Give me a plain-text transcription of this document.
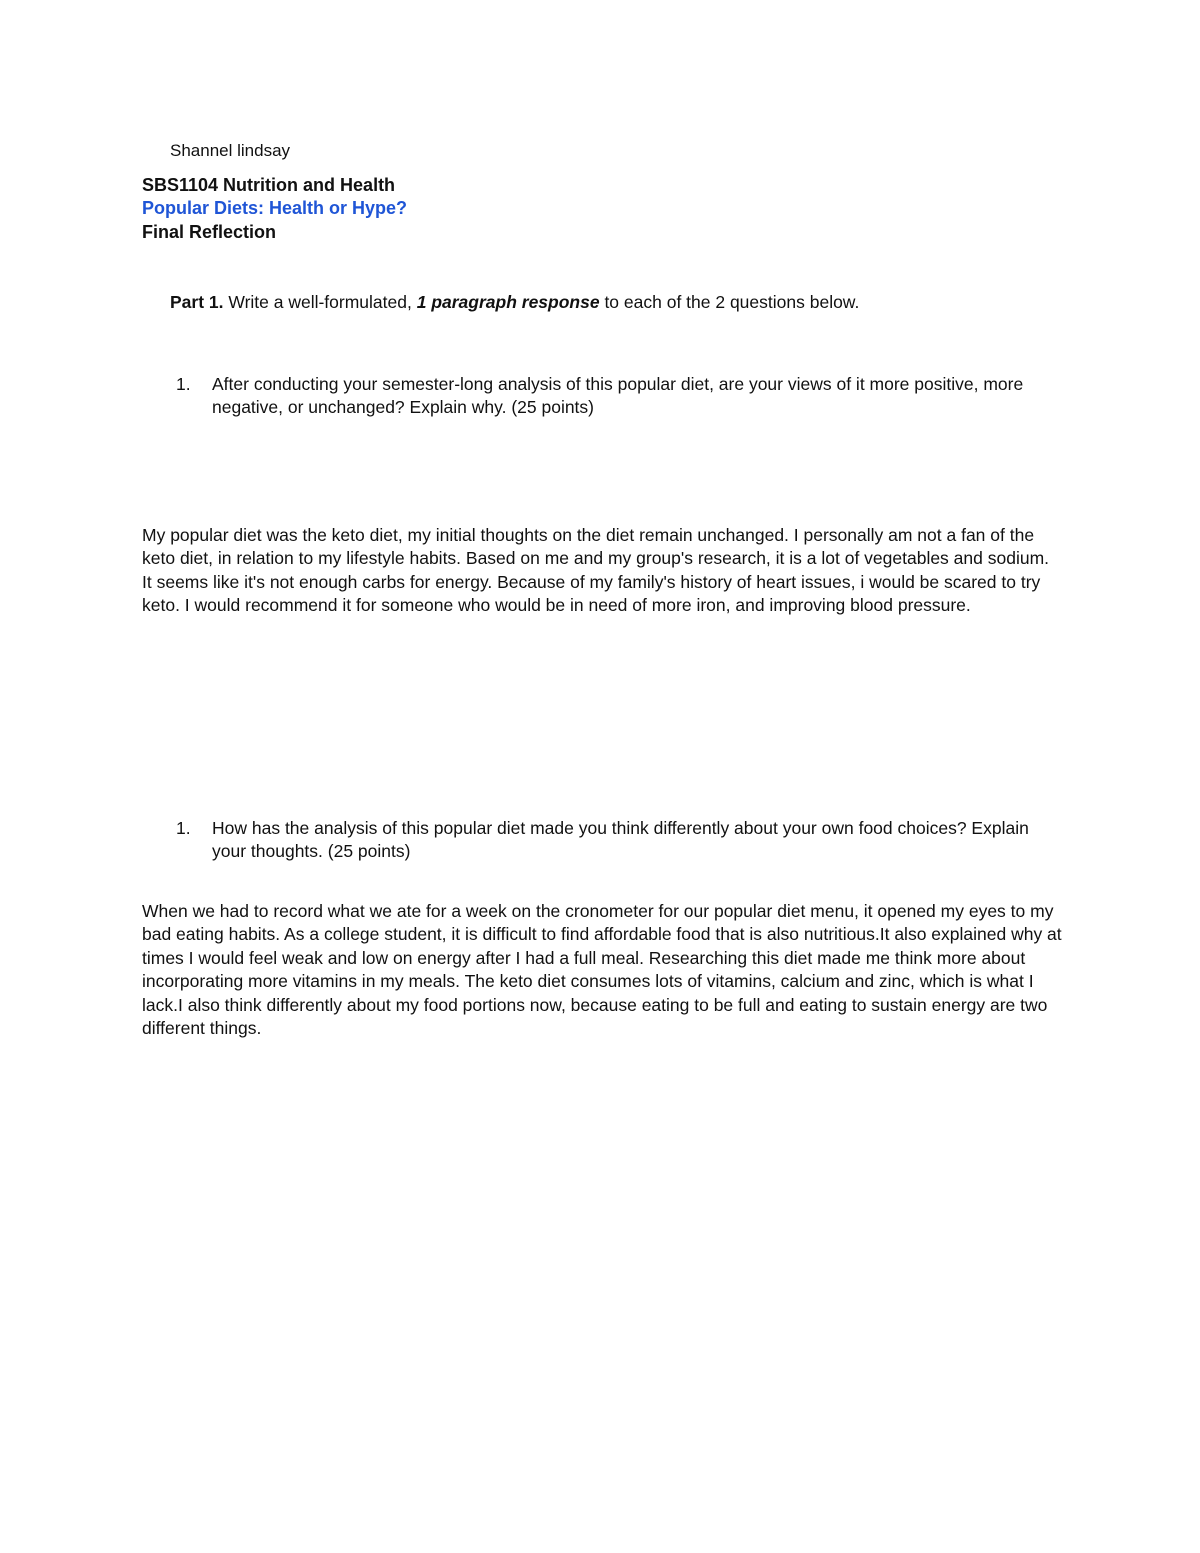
Shannel lindsay
SBS1104 Nutrition and Health
Popular Diets: Health or Hype?
Final Reflection
Part 1. Write a well-formulated, 1 paragraph response to each of the 2 questions below.
1. After conducting your semester-long analysis of this popular diet, are your views of it more positive, more negative, or unchanged? Explain why. (25 points)
My popular diet was the keto diet, my initial thoughts on the diet remain unchanged. I personally am not a fan of the keto diet, in relation to my lifestyle habits. Based on me and my group's research, it is a lot of vegetables and sodium. It seems like it's not enough carbs for energy. Because of my family's history of heart issues, i would be scared to try keto. I would recommend it for someone who would be in need of more iron, and improving blood pressure.
1. How has the analysis of this popular diet made you think differently about your own food choices? Explain your thoughts. (25 points)
When we had to record what we ate for a week on the cronometer for our popular diet menu, it opened my eyes to my bad eating habits. As a college student, it is difficult to find affordable food that is also nutritious.It also explained why at times I would feel weak and low on energy after I had a full meal. Researching this diet made me think more about incorporating more vitamins in my meals. The keto diet consumes lots of vitamins, calcium and zinc, which is what I lack.I also think differently about my food portions now, because eating to be full and eating to sustain energy are two different things.
